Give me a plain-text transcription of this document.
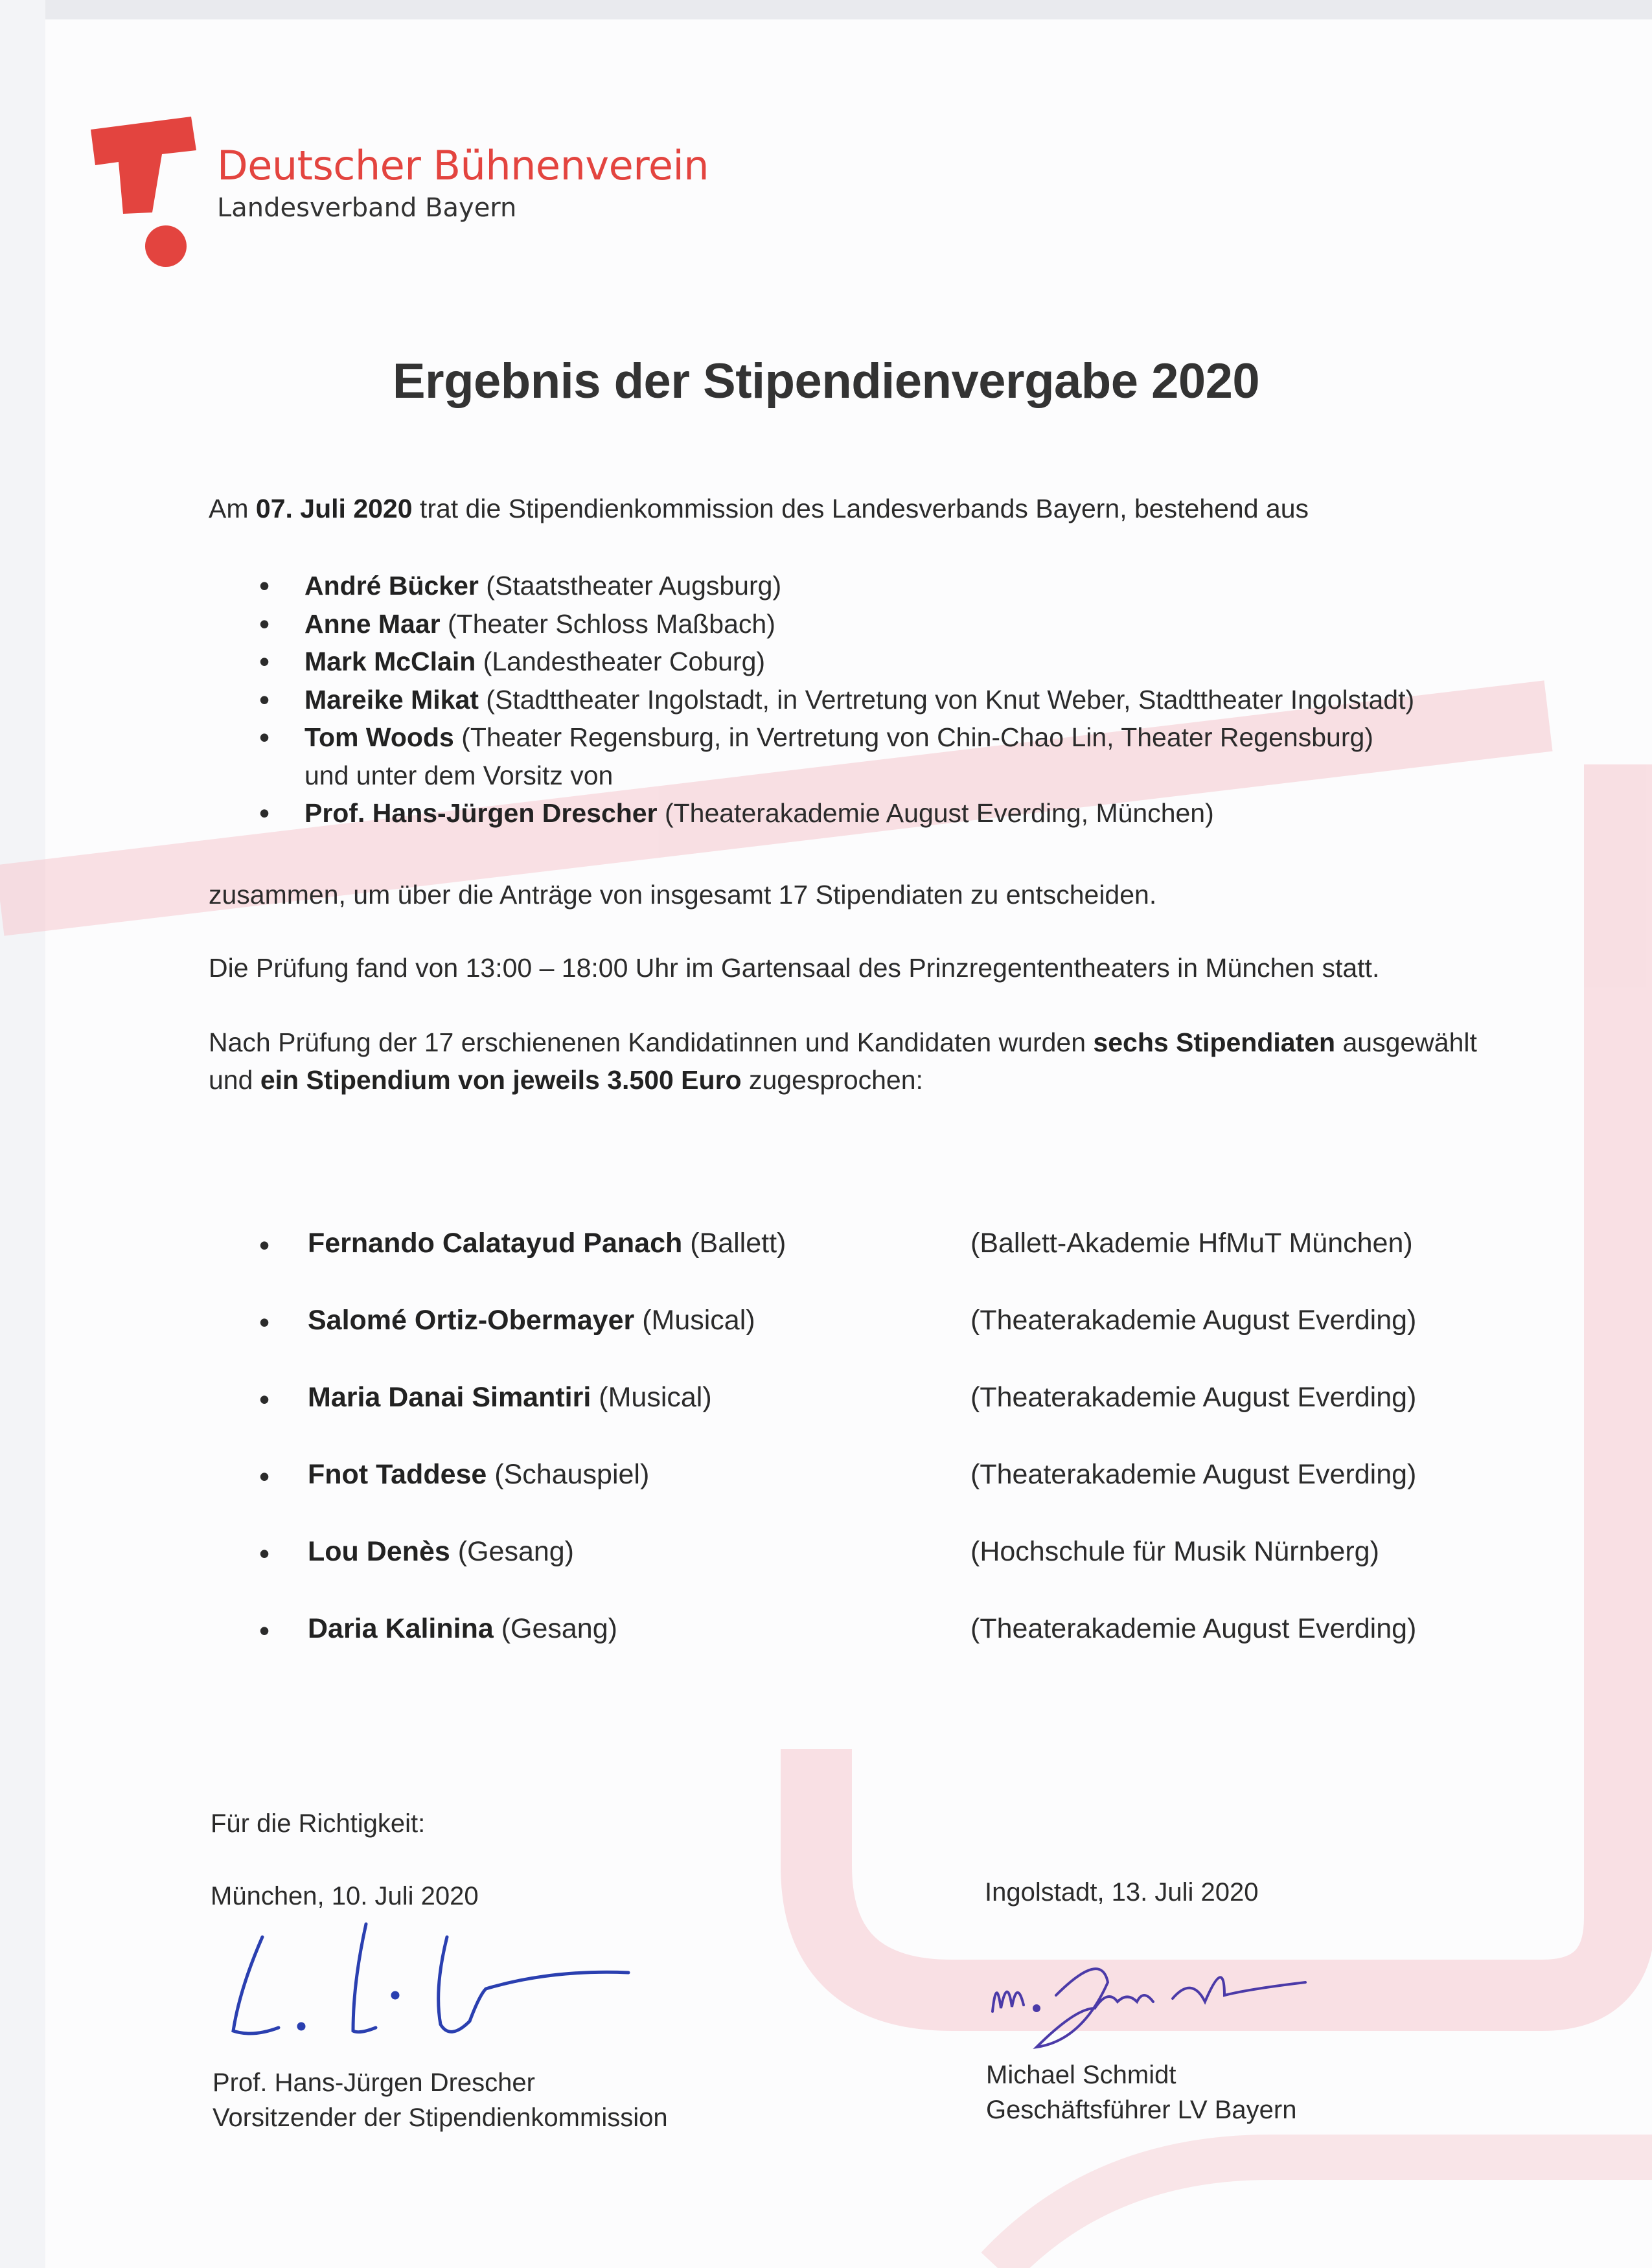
Deutscher Bühnenverein
Landesverband Bayern
Ergebnis der Stipendienvergabe 2020
Am 07. Juli 2020 trat die Stipendienkommission des Landesverbands Bayern, bestehend aus
• André Bücker (Staatstheater Augsburg)
• Anne Maar (Theater Schloss Maßbach)
• Mark McClain (Landestheater Coburg)
• Mareike Mikat (Stadttheater Ingolstadt, in Vertretung von Knut Weber, Stadttheater Ingolstadt)
• Tom Woods (Theater Regensburg, in Vertretung von Chin-Chao Lin, Theater Regensburg)
und unter dem Vorsitz von
• Prof. Hans-Jürgen Drescher (Theaterakademie August Everding, München)
zusammen, um über die Anträge von insgesamt 17 Stipendiaten zu entscheiden.
Die Prüfung fand von 13:00 – 18:00 Uhr im Gartensaal des Prinzregententheaters in München statt.
Nach Prüfung der 17 erschienenen Kandidatinnen und Kandidaten wurden sechs Stipendiaten ausgewählt
und ein Stipendium von jeweils 3.500 Euro zugesprochen:
• Fernando Calatayud Panach (Ballett)	(Ballett-Akademie HfMuT München)
• Salomé Ortiz-Obermayer (Musical)	(Theaterakademie August Everding)
• Maria Danai Simantiri (Musical)	(Theaterakademie August Everding)
• Fnot Taddese (Schauspiel)	(Theaterakademie August Everding)
• Lou Denès (Gesang)	(Hochschule für Musik Nürnberg)
• Daria Kalinina (Gesang)	(Theaterakademie August Everding)
Für die Richtigkeit:
München, 10. Juli 2020	Ingolstadt, 13. Juli 2020
Prof. Hans-Jürgen Drescher
Vorsitzender der Stipendienkommission
Michael Schmidt
Geschäftsführer LV Bayern
